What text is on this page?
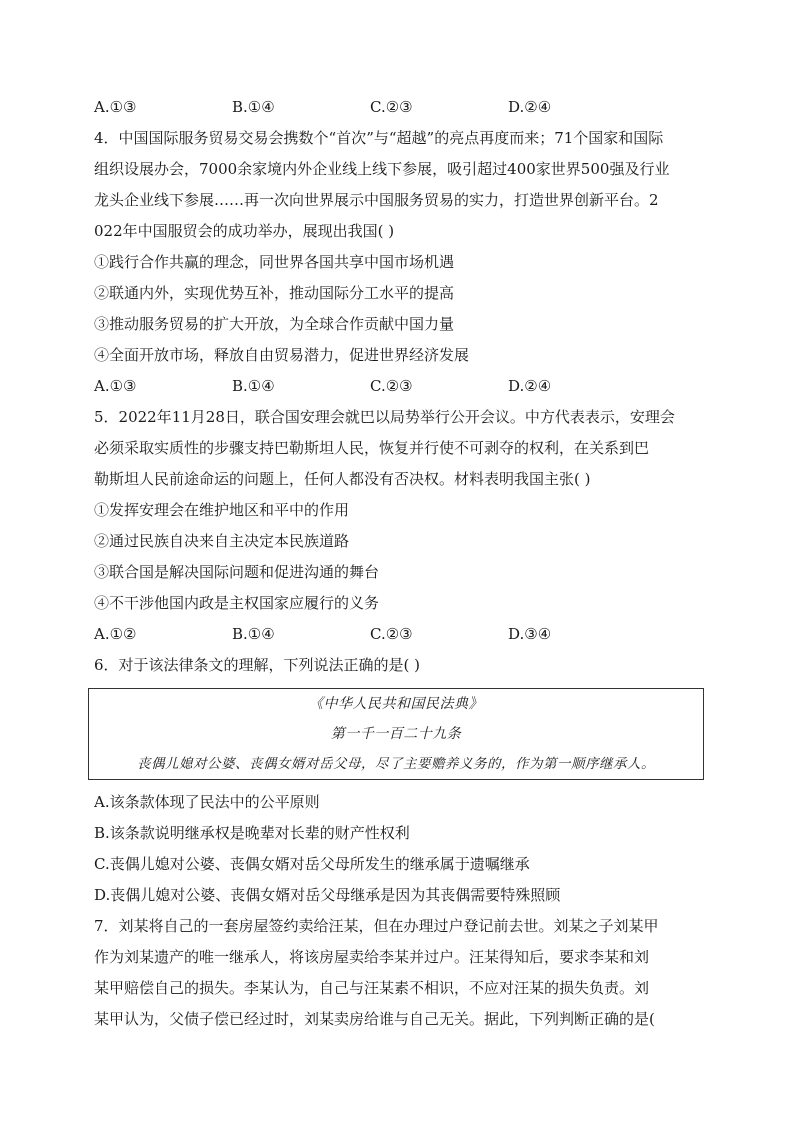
A.①③	B.①④	C.②③	D.②④
4．中国国际服务贸易交易会携数个“首次”与“超越”的亮点再度而来；71个国家和国际
组织设展办会，7000余家境内外企业线上线下参展，吸引超过400家世界500强及行业
龙头企业线下参展……再一次向世界展示中国服务贸易的实力，打造世界创新平台。2
022年中国服贸会的成功举办，展现出我国( )
①践行合作共赢的理念，同世界各国共享中国市场机遇
②联通内外，实现优势互补，推动国际分工水平的提高
③推动服务贸易的扩大开放，为全球合作贡献中国力量
④全面开放市场，释放自由贸易潜力，促进世界经济发展
A.①③	B.①④	C.②③	D.②④
5．2022年11月28日，联合国安理会就巴以局势举行公开会议。中方代表表示，安理会
必须采取实质性的步骤支持巴勒斯坦人民，恢复并行使不可剥夺的权利，在关系到巴
勒斯坦人民前途命运的问题上，任何人都没有否决权。材料表明我国主张( )
①发挥安理会在维护地区和平中的作用
②通过民族自决来自主决定本民族道路
③联合国是解决国际问题和促进沟通的舞台
④不干涉他国内政是主权国家应履行的义务
A.①②	B.①④	C.②③	D.③④
6．对于该法律条文的理解，下列说法正确的是( )
《中华人民共和国民法典》
第一千一百二十九条
丧偶儿媳对公婆、丧偶女婿对岳父母，尽了主要赡养义务的，作为第一顺序继承人。
A.该条款体现了民法中的公平原则
B.该条款说明继承权是晚辈对长辈的财产性权利
C.丧偶儿媳对公婆、丧偶女婿对岳父母所发生的继承属于遗嘱继承
D.丧偶儿媳对公婆、丧偶女婿对岳父母继承是因为其丧偶需要特殊照顾
7．刘某将自己的一套房屋签约卖给汪某，但在办理过户登记前去世。刘某之子刘某甲
作为刘某遗产的唯一继承人，将该房屋卖给李某并过户。汪某得知后，要求李某和刘
某甲赔偿自己的损失。李某认为，自己与汪某素不相识，不应对汪某的损失负责。刘
某甲认为，父债子偿已经过时，刘某卖房给谁与自己无关。据此，下列判断正确的是(
